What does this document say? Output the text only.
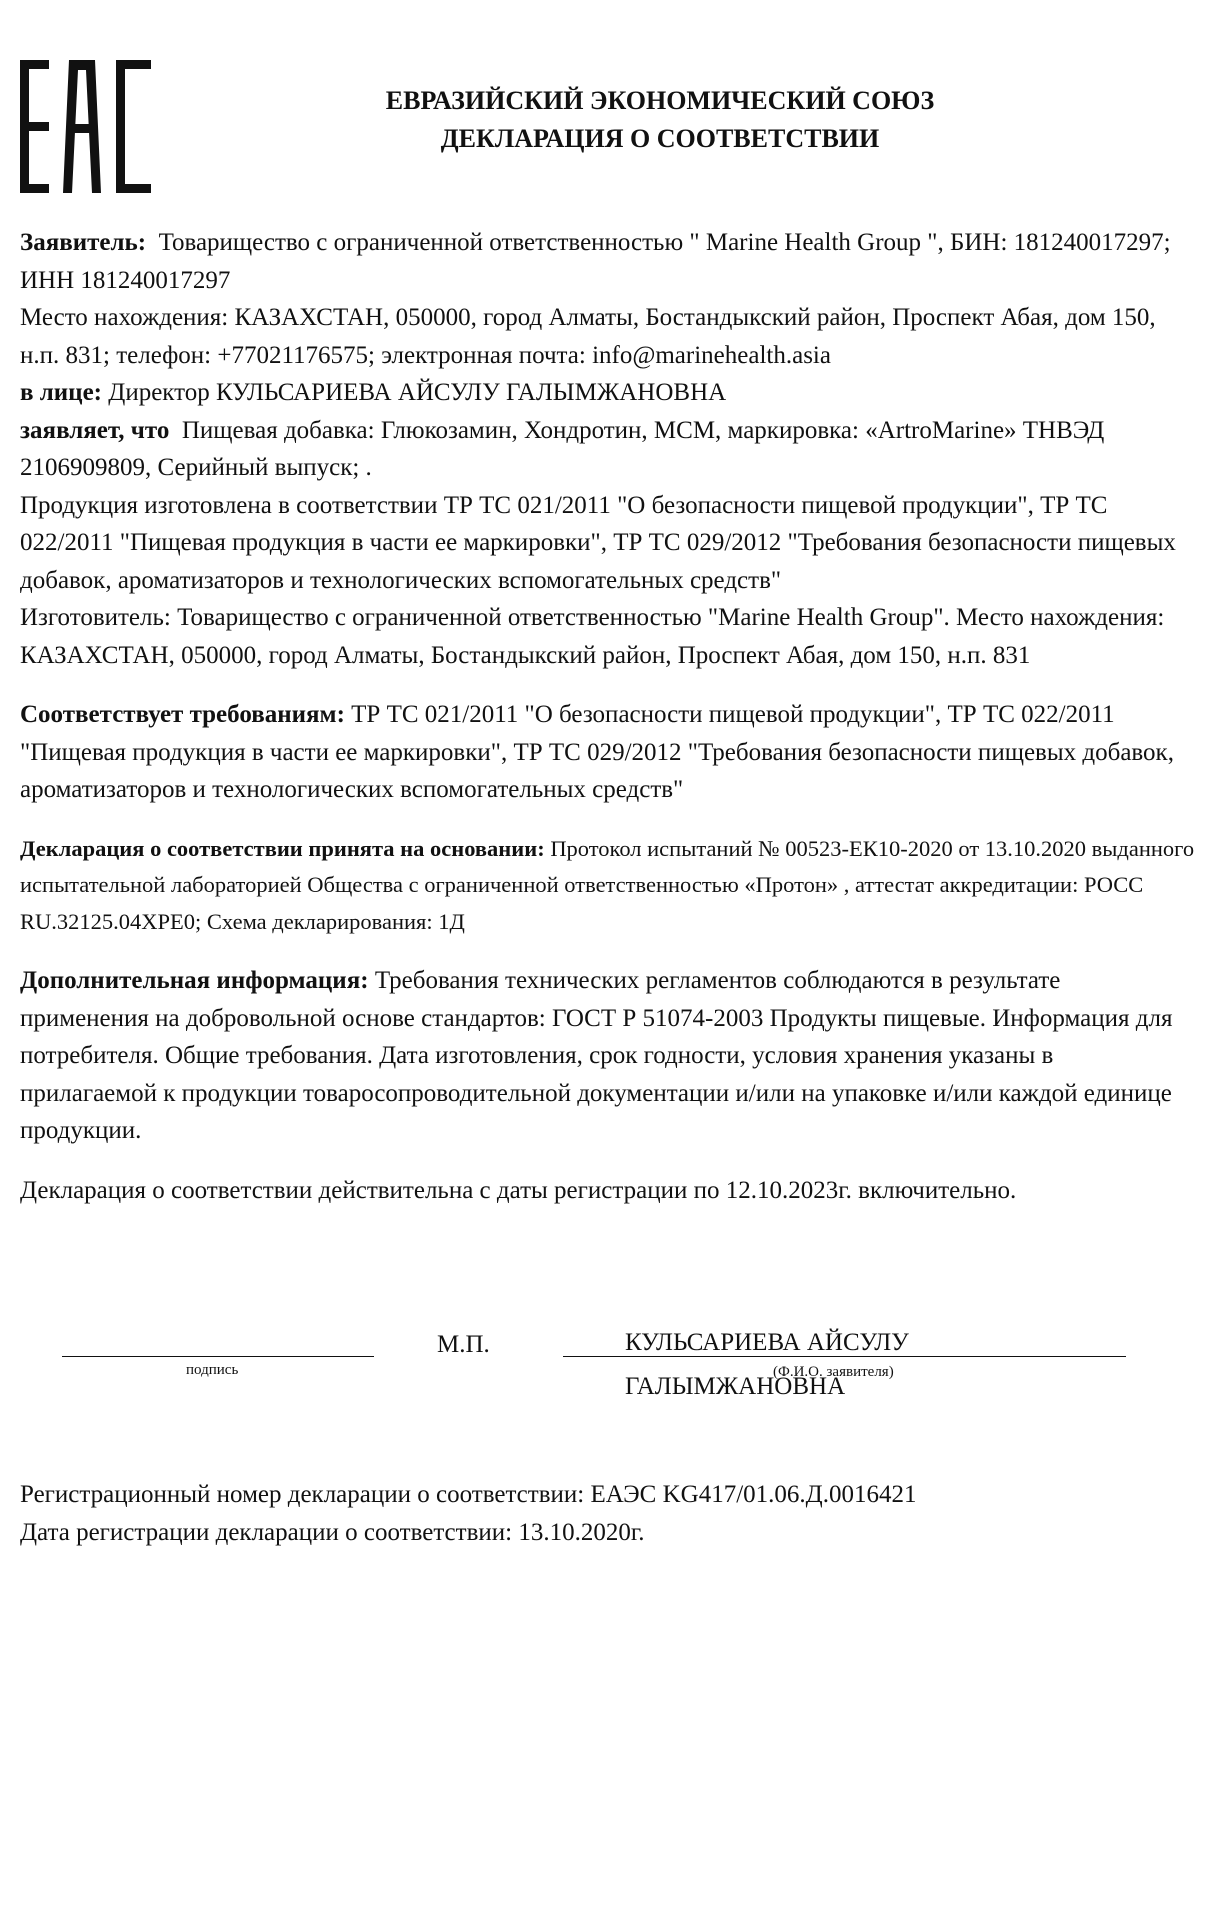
ЕВРАЗИЙСКИЙ ЭКОНОМИЧЕСКИЙ СОЮЗ
ДЕКЛАРАЦИЯ О СООТВЕТСТВИИ

Заявитель: Товарищество с ограниченной ответственностью " Marine Health Group ", БИН: 181240017297; ИНН 181240017297

Место нахождения: КАЗАХСТАН, 050000, город Алматы, Бостандыкский район, Проспект Абая, дом 150, н.п. 831; телефон: +77021176575; электронная почта: info@marinehealth.asia

в лице: Директор КУЛЬСАРИЕВА АЙСУЛУ ГАЛЫМЖАНОВНА

заявляет, что Пищевая добавка: Глюкозамин, Хондротин, МСМ, маркировка: «ArtroMarine» ТНВЭД 2106909809, Серийный выпуск; .

Продукция изготовлена в соответствии ТР ТС 021/2011 "О безопасности пищевой продукции", ТР ТС 022/2011 "Пищевая продукция в части ее маркировки", ТР ТС 029/2012 "Требования безопасности пищевых добавок, ароматизаторов и технологических вспомогательных средств"

Изготовитель: Товарищество с ограниченной ответственностью "Marine Health Group". Место нахождения: КАЗАХСТАН, 050000, город Алматы, Бостандыкский район, Проспект Абая, дом 150, н.п. 831

Соответствует требованиям: ТР ТС 021/2011 "О безопасности пищевой продукции", ТР ТС 022/2011 "Пищевая продукция в части ее маркировки", ТР ТС 029/2012 "Требования безопасности пищевых добавок, ароматизаторов и технологических вспомогательных средств"

Декларация о соответствии принята на основании: Протокол испытаний № 00523-ЕК10-2020 от 13.10.2020 выданного испытательной лабораторией Общества с ограниченной ответственностью «Протон» , аттестат аккредитации: РОСС RU.32125.04ХРЕ0; Схема декларирования: 1Д

Дополнительная информация: Требования технических регламентов соблюдаются в результате применения на добровольной основе стандартов: ГОСТ Р 51074-2003 Продукты пищевые. Информация для потребителя. Общие требования. Дата изготовления, срок годности, условия хранения указаны в прилагаемой к продукции товаросопроводительной документации и/или на упаковке и/или каждой единице продукции.

Декларация о соответствии действительна с даты регистрации по 12.10.2023г. включительно.

подпись
М.П.	КУЛЬСАРИЕВА АЙСУЛУ
(Ф.И.О. заявителя)
ГАЛЫМЖАНОВНА
Регистрационный номер декларации о соответствии: ЕАЭС KG417/01.06.Д.0016421
Дата регистрации декларации о соответствии: 13.10.2020г.
